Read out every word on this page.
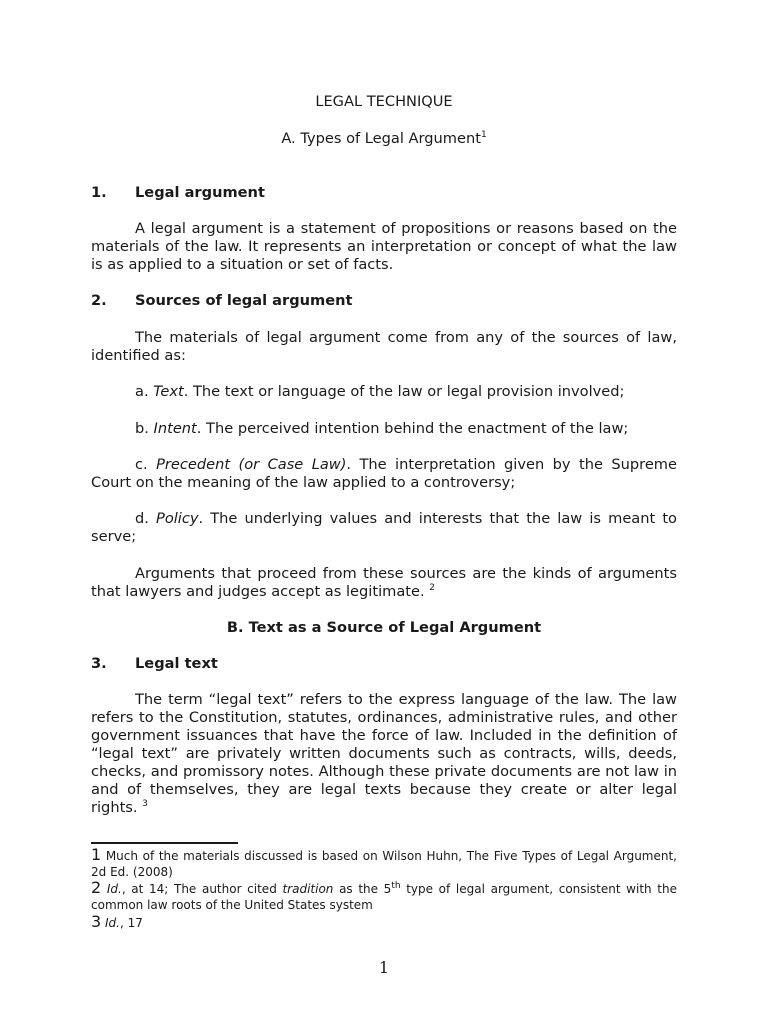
LEGAL TECHNIQUE
A. Types of Legal Argument$^1$
1. Legal argument
A legal argument is a statement of propositions or reasons based on the materials of the law. It represents an interpretation or concept of what the law is as applied to a situation or set of facts.
2. Sources of legal argument
The materials of legal argument come from any of the sources of law, identified as:
a. Text. The text or language of the law or legal provision involved;
b. Intent. The perceived intention behind the enactment of the law;
c. Precedent (or Case Law). The interpretation given by the Supreme Court on the meaning of the law applied to a controversy;
d. Policy. The underlying values and interests that the law is meant to serve;
Arguments that proceed from these sources are the kinds of arguments that lawyers and judges accept as legitimate. $^2$
B. Text as a Source of Legal Argument
3. Legal text
The term “legal text” refers to the express language of the law. The law refers to the Constitution, statutes, ordinances, administrative rules, and other government issuances that have the force of law. Included in the definition of “legal text” are privately written documents such as contracts, wills, deeds, checks, and promissory notes. Although these private documents are not law in and of themselves, they are legal texts because they create or alter legal rights. $^3$
1 Much of the materials discussed is based on Wilson Huhn, The Five Types of Legal Argument, 2d Ed. (2008)
2 Id., at 14; The author cited tradition as the 5th type of legal argument, consistent with the common law roots of the United States system
3 Id., 17
1
